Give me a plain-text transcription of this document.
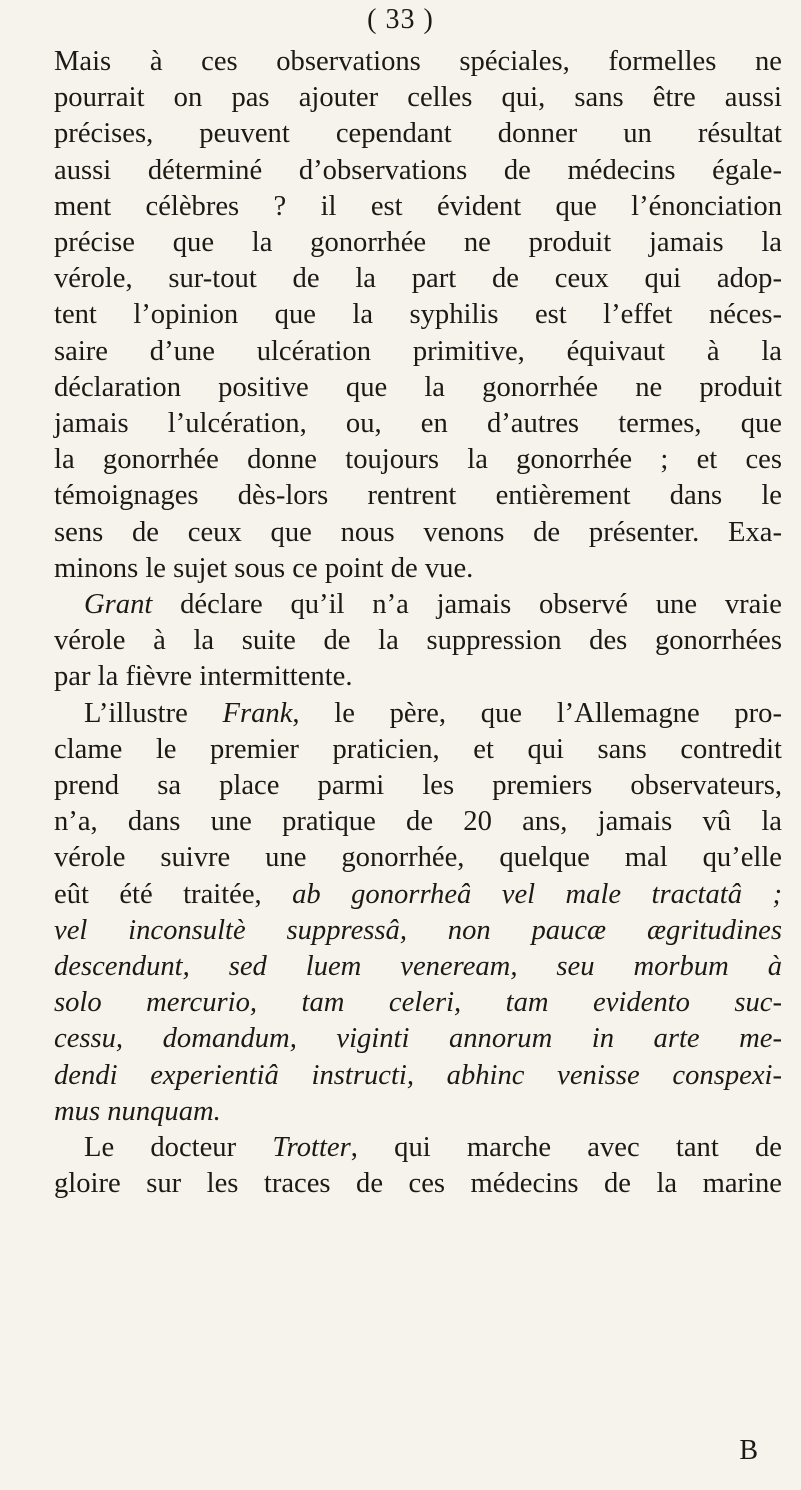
( 33 )
Mais à ces observations spéciales, formelles ne
pourrait on pas ajouter celles qui, sans être aussi
précises, peuvent cependant donner un résultat
aussi déterminé d’observations de médecins égale-
ment célèbres ? il est évident que l’énonciation
précise que la gonorrhée ne produit jamais la
vérole, sur-tout de la part de ceux qui adop-
tent l’opinion que la syphilis est l’effet néces-
saire d’une ulcération primitive, équivaut à la
déclaration positive que la gonorrhée ne produit
jamais l’ulcération, ou, en d’autres termes, que
la gonorrhée donne toujours la gonorrhée ; et ces
témoignages dès-lors rentrent entièrement dans le
sens de ceux que nous venons de présenter. Exa-
minons le sujet sous ce point de vue.
Grant déclare qu’il n’a jamais observé une vraie
vérole à la suite de la suppression des gonorrhées
par la fièvre intermittente.
L’illustre Frank, le père, que l’Allemagne pro-
clame le premier praticien, et qui sans contredit
prend sa place parmi les premiers observateurs,
n’a, dans une pratique de 20 ans, jamais vû la
vérole suivre une gonorrhée, quelque mal qu’elle
eût été traitée, ab gonorrheâ vel male tractatâ ;
vel inconsultè suppressâ, non paucæ ægritudines
descendunt, sed luem veneream, seu morbum à
solo mercurio, tam celeri, tam evidento suc-
cessu, domandum, viginti annorum in arte me-
dendi experientiâ instructi, abhinc venisse conspexi-
mus nunquam.
Le docteur Trotter, qui marche avec tant de
gloire sur les traces de ces médecins de la marine
B
